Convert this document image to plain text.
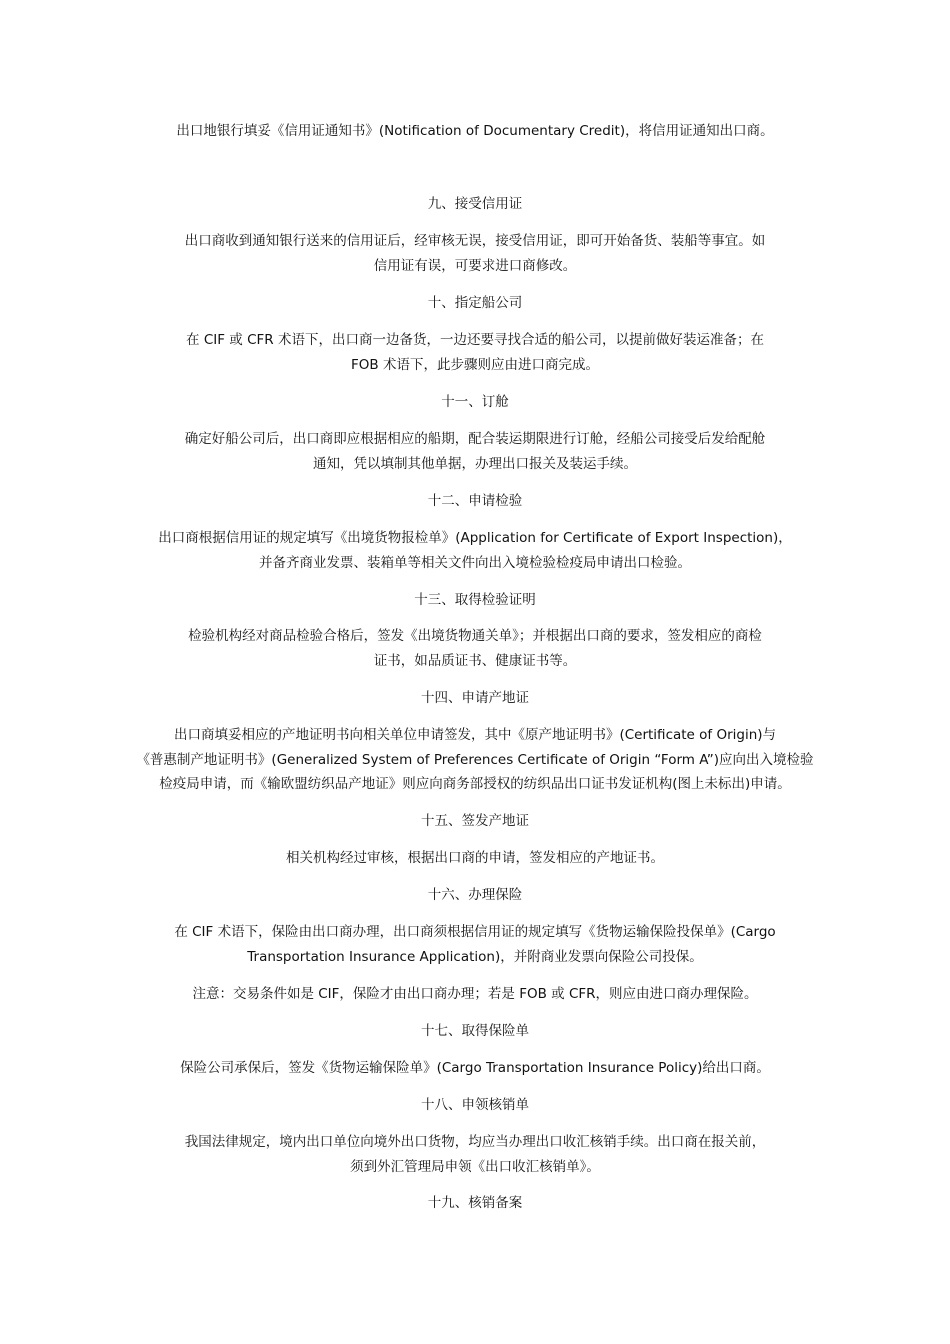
出口地银行填妥《信用证通知书》(Notification of Documentary Credit)，将信用证通知出口商。
九、接受信用证
出口商收到通知银行送来的信用证后，经审核无误，接受信用证，即可开始备货、装船等事宜。如
信用证有误，可要求进口商修改。
十、指定船公司
在 CIF 或 CFR 术语下，出口商一边备货，一边还要寻找合适的船公司，以提前做好装运准备；在
FOB 术语下，此步骤则应由进口商完成。
十一、订舱
确定好船公司后，出口商即应根据相应的船期，配合装运期限进行订舱，经船公司接受后发给配舱
通知，凭以填制其他单据，办理出口报关及装运手续。
十二、申请检验
出口商根据信用证的规定填写《出境货物报检单》(Application for Certificate of Export Inspection)，
并备齐商业发票、装箱单等相关文件向出入境检验检疫局申请出口检验。
十三、取得检验证明
检验机构经对商品检验合格后，签发《出境货物通关单》；并根据出口商的要求，签发相应的商检
证书，如品质证书、健康证书等。
十四、申请产地证
出口商填妥相应的产地证明书向相关单位申请签发，其中《原产地证明书》(Certificate of Origin)与
《普惠制产地证明书》(Generalized System of Preferences Certificate of Origin “Form A”)应向出入境检验
检疫局申请，而《输欧盟纺织品产地证》则应向商务部授权的纺织品出口证书发证机构(图上未标出)申请。
十五、签发产地证
相关机构经过审核，根据出口商的申请，签发相应的产地证书。
十六、办理保险
在 CIF 术语下，保险由出口商办理，出口商须根据信用证的规定填写《货物运输保险投保单》(Cargo
Transportation Insurance Application)，并附商业发票向保险公司投保。
注意：交易条件如是 CIF，保险才由出口商办理；若是 FOB 或 CFR，则应由进口商办理保险。
十七、取得保险单
保险公司承保后，签发《货物运输保险单》(Cargo Transportation Insurance Policy)给出口商。
十八、申领核销单
我国法律规定，境内出口单位向境外出口货物，均应当办理出口收汇核销手续。出口商在报关前，
须到外汇管理局申领《出口收汇核销单》。
十九、核销备案
